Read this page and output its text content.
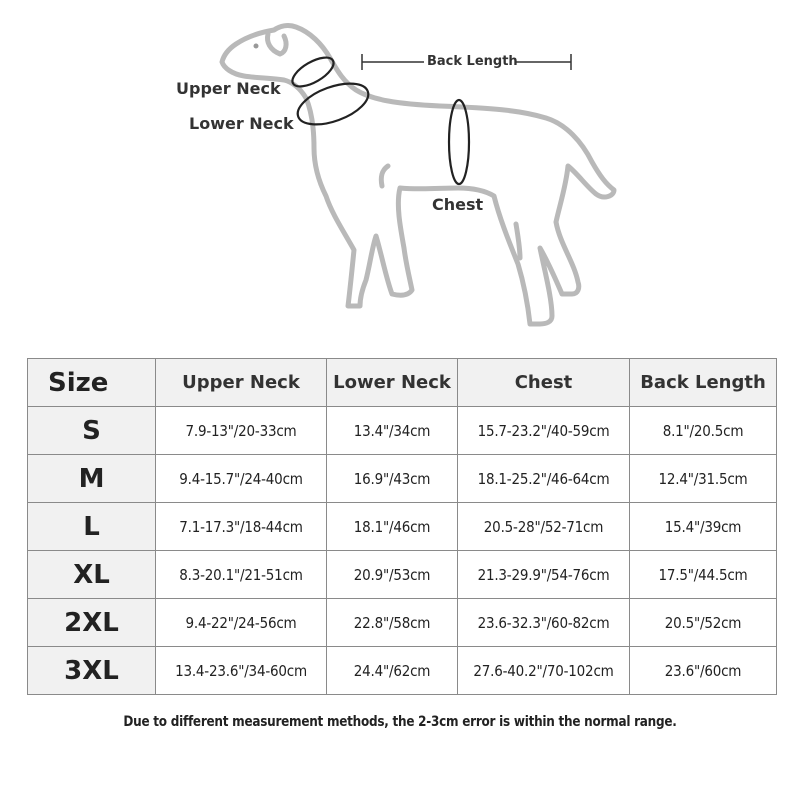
Upper Neck
Lower Neck
Chest
Back Length
Size	Upper Neck	Lower Neck	Chest	Back Length
S	7.9-13"/20-33cm	13.4"/34cm	15.7-23.2"/40-59cm	8.1"/20.5cm
M	9.4-15.7"/24-40cm	16.9"/43cm	18.1-25.2"/46-64cm	12.4"/31.5cm
L	7.1-17.3"/18-44cm	18.1"/46cm	20.5-28"/52-71cm	15.4"/39cm
XL	8.3-20.1"/21-51cm	20.9"/53cm	21.3-29.9"/54-76cm	17.5"/44.5cm
2XL	9.4-22"/24-56cm	22.8"/58cm	23.6-32.3"/60-82cm	20.5"/52cm
3XL	13.4-23.6"/34-60cm	24.4"/62cm	27.6-40.2"/70-102cm	23.6"/60cm
Due to different measurement methods, the 2-3cm error is within the normal range.
